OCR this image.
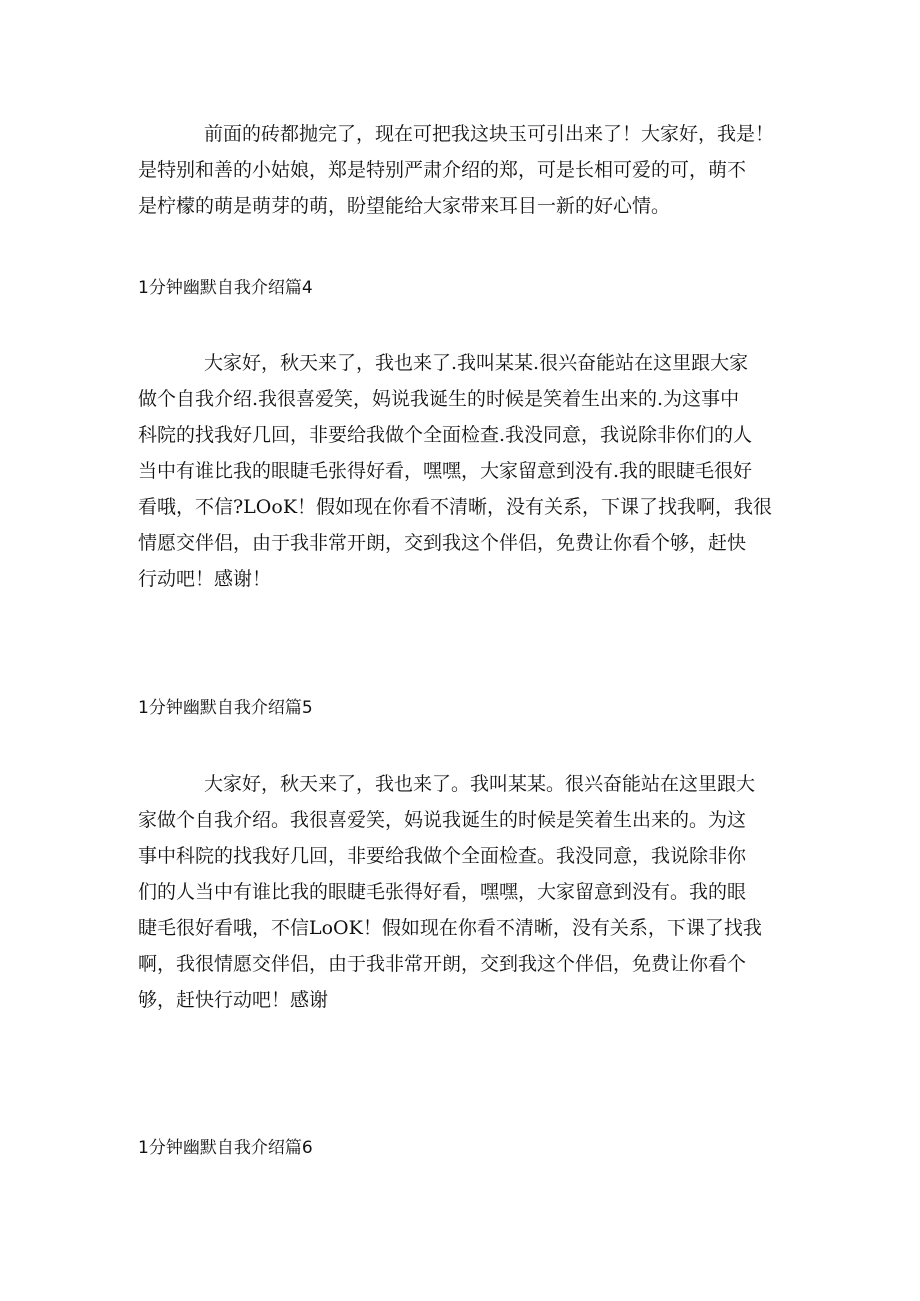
前面的砖都抛完了，现在可把我这块玉可引出来了！大家好，我是！
是特别和善的小姑娘，郑是特别严肃介绍的郑，可是长相可爱的可，萌不
是柠檬的萌是萌芽的萌，盼望能给大家带来耳目一新的好心情。

1分钟幽默自我介绍篇4

大家好，秋天来了，我也来了.我叫某某.很兴奋能站在这里跟大家
做个自我介绍.我很喜爱笑，妈说我诞生的时候是笑着生出来的.为这事中
科院的找我好几回，非要给我做个全面检查.我没同意，我说除非你们的人
当中有谁比我的眼睫毛张得好看，嘿嘿，大家留意到没有.我的眼睫毛很好
看哦，不信?LOoK！假如现在你看不清晰，没有关系，下课了找我啊，我很
情愿交伴侣，由于我非常开朗，交到我这个伴侣，免费让你看个够，赶快
行动吧！感谢！

1分钟幽默自我介绍篇5

大家好，秋天来了，我也来了。我叫某某。很兴奋能站在这里跟大
家做个自我介绍。我很喜爱笑，妈说我诞生的时候是笑着生出来的。为这
事中科院的找我好几回，非要给我做个全面检查。我没同意，我说除非你
们的人当中有谁比我的眼睫毛张得好看，嘿嘿，大家留意到没有。我的眼
睫毛很好看哦，不信LoOK！假如现在你看不清晰，没有关系，下课了找我
啊，我很情愿交伴侣，由于我非常开朗，交到我这个伴侣，免费让你看个
够，赶快行动吧！感谢

1分钟幽默自我介绍篇6
